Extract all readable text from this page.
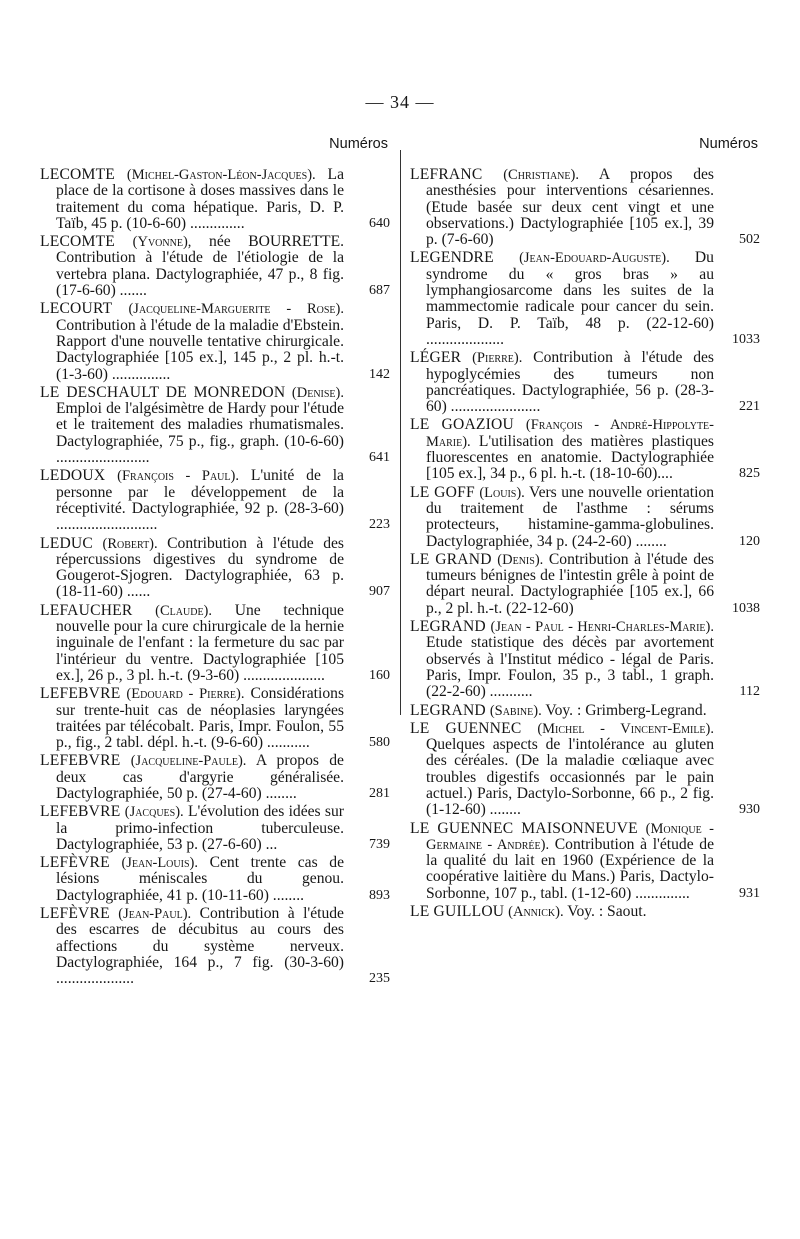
— 34 —
Numéros
LECOMTE (Michel-Gaston-Léon-Jacques). La place de la cortisone à doses massives dans le traitement du coma hépatique. Paris, D. P. Taïb, 45 p. (10-6-60) ..............	640
LECOMTE (Yvonne), née BOURRETTE. Contribution à l'étude de l'étiologie de la vertebra plana. Dactylographiée, 47 p., 8 fig. (17-6-60) .......	687
LECOURT (Jacqueline-Marguerite - Rose). Contribution à l'étude de la maladie d'Ebstein. Rapport d'une nouvelle tentative chirurgicale. Dactylographiée [105 ex.], 145 p., 2 pl. h.-t. (1-3-60) ...............	142
LE DESCHAULT DE MONREDON (Denise). Emploi de l'algésimètre de Hardy pour l'étude et le traitement des maladies rhumatismales. Dactylographiée, 75 p., fig., graph. (10-6-60) ........................	641
LEDOUX (François - Paul). L'unité de la personne par le développement de la réceptivité. Dactylographiée, 92 p. (28-3-60) ..........................	223
LEDUC (Robert). Contribution à l'étude des répercussions digestives du syndrome de Gougerot-Sjogren. Dactylographiée, 63 p. (18-11-60) ......	907
LEFAUCHER (Claude). Une technique nouvelle pour la cure chirurgicale de la hernie inguinale de l'enfant : la fermeture du sac par l'intérieur du ventre. Dactylographiée [105 ex.], 26 p., 3 pl. h.-t. (9-3-60) .....................	160
LEFEBVRE (Edouard - Pierre). Considérations sur trente-huit cas de néoplasies laryngées traitées par télécobalt. Paris, Impr. Foulon, 55 p., fig., 2 tabl. dépl. h.-t. (9-6-60) ...........	580
LEFEBVRE (Jacqueline-Paule). A propos de deux cas d'argyrie généralisée. Dactylographiée, 50 p. (27-4-60) ........	281
LEFEBVRE (Jacques). L'évolution des idées sur la primo-infection tuberculeuse. Dactylographiée, 53 p. (27-6-60) ...	739
LEFÈVRE (Jean-Louis). Cent trente cas de lésions méniscales du genou. Dactylographiée, 41 p. (10-11-60) ........	893
LEFÈVRE (Jean-Paul). Contribution à l'étude des escarres de décubitus au cours des affections du système nerveux. Dactylographiée, 164 p., 7 fig. (30-3-60) ....................	235
Numéros
LEFRANC (Christiane). A propos des anesthésies pour interventions césariennes. (Etude basée sur deux cent vingt et une observations.) Dactylographiée [105 ex.], 39 p. (7-6-60)	502
LEGENDRE (Jean-Edouard-Auguste). Du syndrome du « gros bras » au lymphangiosarcome dans les suites de la mammectomie radicale pour cancer du sein. Paris, D. P. Taïb, 48 p. (22-12-60) ....................	1033
LÉGER (Pierre). Contribution à l'étude des hypoglycémies des tumeurs non pancréatiques. Dactylographiée, 56 p. (28-3-60) .......................	221
LE GOAZIOU (François - André-Hippolyte-Marie). L'utilisation des matières plastiques fluorescentes en anatomie. Dactylographiée [105 ex.], 34 p., 6 pl. h.-t. (18-10-60)....	825
LE GOFF (Louis). Vers une nouvelle orientation du traitement de l'asthme : sérums protecteurs, histamine-gamma-globulines. Dactylographiée, 34 p. (24-2-60) ........	120
LE GRAND (Denis). Contribution à l'étude des tumeurs bénignes de l'intestin grêle à point de départ neural. Dactylographiée [105 ex.], 66 p., 2 pl. h.-t. (22-12-60)	1038
LEGRAND (Jean - Paul - Henri-Charles-Marie). Etude statistique des décès par avortement observés à l'Institut médico - légal de Paris. Paris, Impr. Foulon, 35 p., 3 tabl., 1 graph. (22-2-60) ...........	112
LEGRAND (Sabine). Voy. : Grimberg-Legrand.
LE GUENNEC (Michel - Vincent-Emile). Quelques aspects de l'intolérance au gluten des céréales. (De la maladie cœliaque avec troubles digestifs occasionnés par le pain actuel.) Paris, Dactylo-Sorbonne, 66 p., 2 fig. (1-12-60) ........	930
LE GUENNEC MAISONNEUVE (Monique - Germaine - Andrée). Contribution à l'étude de la qualité du lait en 1960 (Expérience de la coopérative laitière du Mans.) Paris, Dactylo-Sorbonne, 107 p., tabl. (1-12-60) ..............	931
LE GUILLOU (Annick). Voy. : Saout.
